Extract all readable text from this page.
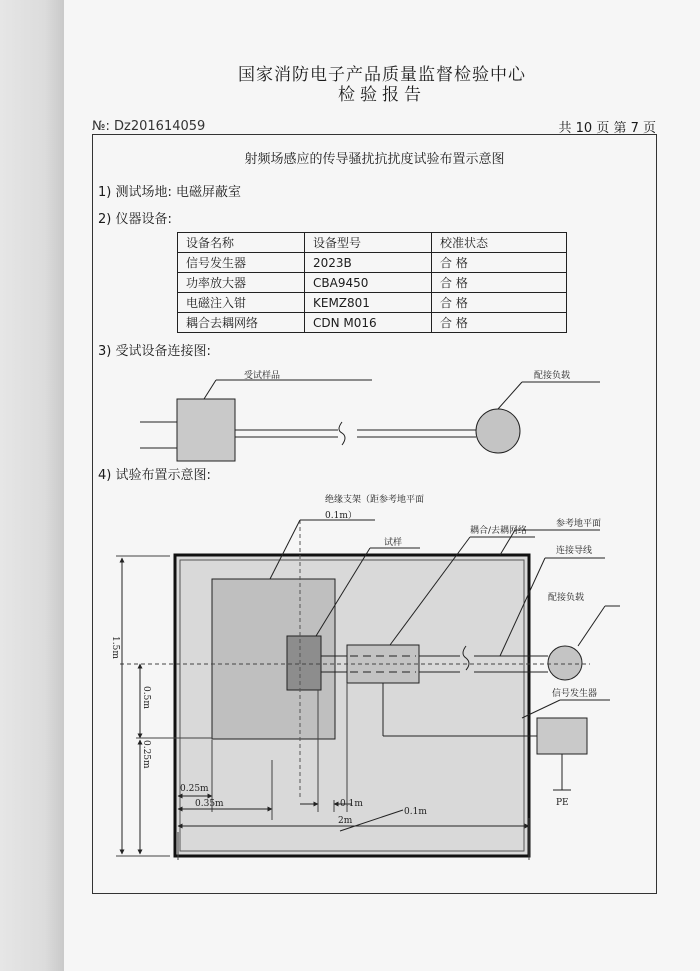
国家消防电子产品质量监督检验中心
检验报告
№: Dz201614059	共 10 页 第 7 页
射频场感应的传导骚扰抗扰度试验布置示意图
1) 测试场地: 电磁屏蔽室
2) 仪器设备:
设备名称	设备型号	校准状态
信号发生器	2023B	合 格
功率放大器	CBA9450	合 格
电磁注入钳	KEMZ801	合 格
耦合去耦网络	CDN M016	合 格
3) 受试设备连接图:
4) 试验布置示意图:
受试样品	配接负载
信号发生器
PE
绝缘支架（距参考地平面
0.1m）
试样
耦合/去耦网络
参考地平面
连接导线
配接负载
1.5m
0.5m
0.25m
0.25m
0.35m	0.1m
0.1m
2m
